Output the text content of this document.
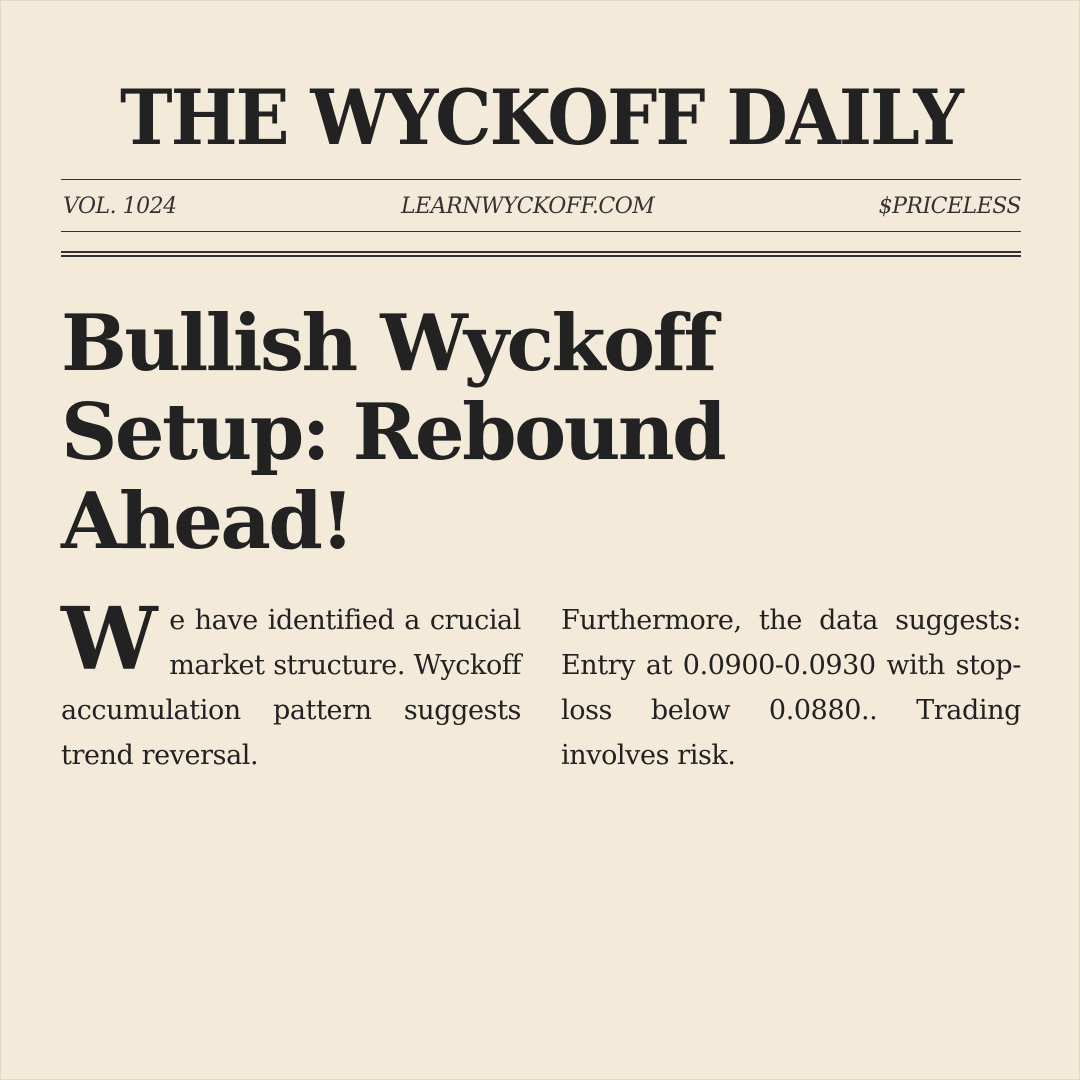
THE WYCKOFF DAILY
VOL. 1024	LEARNWYCKOFF.COM	$PRICELESS
Bullish Wyckoff Setup: Rebound Ahead!
W e have identified a crucial market structure. Wyckoff accumulation pattern suggests trend reversal.
Furthermore, the data suggests: Entry at 0.0900-0.0930 with stop-loss below 0.0880.. Trading involves risk.
